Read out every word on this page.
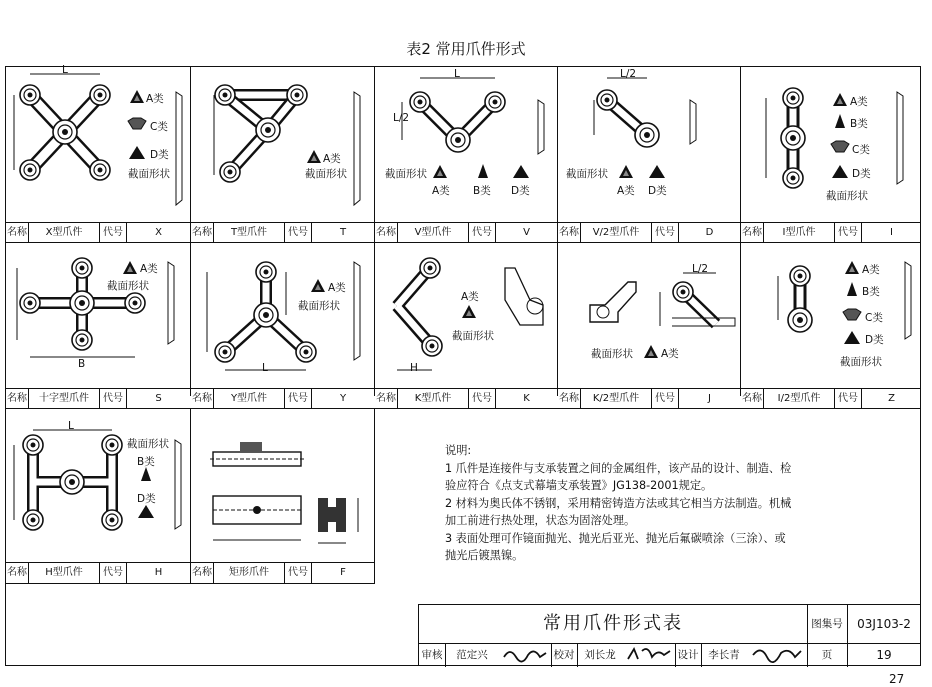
表2 常用爪件形式
名称	X型爪件	代号	X	名称	T型爪件	代号	T	名称	V型爪件	代号	V	名称	V/2型爪件	代号	D	名称	I型爪件	代号	I
名称	十字型爪件	代号	S	名称	Y型爪件	代号	Y	名称	K型爪件	代号	K	名称	K/2型爪件	代号	J	名称	I/2型爪件	代号	Z
名称	H型爪件	代号	H	名称	矩形爪件	代号	F
A类
C类
D类
截面形状
L
A类
截面形状	截面形状
A类 B类 D类
L
L/2
截面形状
A类 D类
L/2
A类
B类
C类
D类
截面形状
A类
截面形状
B
A类
截面形状
L
A类
截面形状
H
截面形状	A类
L/2	A类
B类
C类
D类
截面形状
截面形状
B类
D类
L
说明:
1 爪件是连接件与支承装置之间的金属组件，该产品的设计、制造、检
验应符合《点支式幕墙支承装置》JG138-2001规定。
2 材料为奥氏体不锈钢，采用精密铸造方法或其它相当方法制造。机械
加工前进行热处理，状态为固溶处理。
3 表面处理可作镜面抛光、抛光后亚光、抛光后氟碳喷涂（三涂）、或
抛光后镀黑镍。
常用爪件形式表	图集号	03J103-2
审核	范定兴	校对 刘长龙	设计 李长青	页	19
27
